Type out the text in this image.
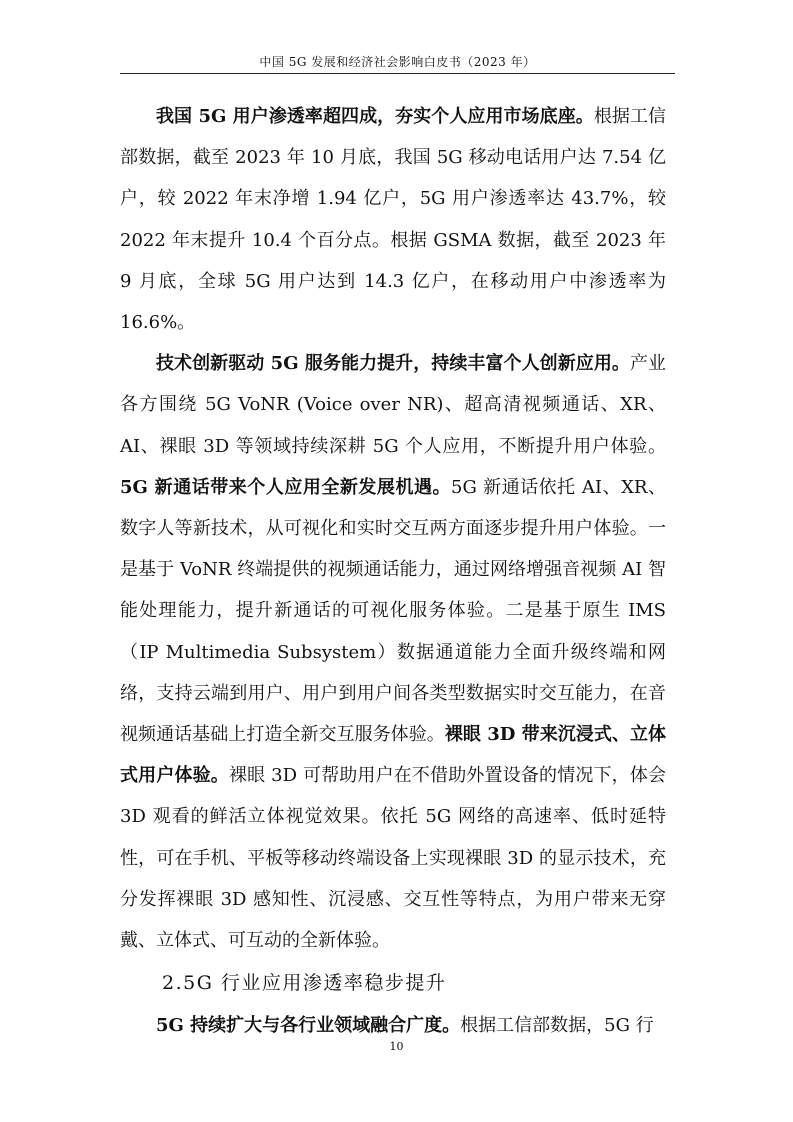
中国 5G 发展和经济社会影响白皮书（2023 年）

我国 5G 用户渗透率超四成，夯实个人应用市场底座。根据工信部数据，截至 2023 年 10 月底，我国 5G 移动电话用户达 7.54 亿户，较 2022 年末净增 1.94 亿户，5G 用户渗透率达 43.7%，较 2022 年末提升 10.4 个百分点。根据 GSMA 数据，截至 2023 年 9 月底，全球 5G 用户达到 14.3 亿户，在移动用户中渗透率为 16.6%。

技术创新驱动 5G 服务能力提升，持续丰富个人创新应用。产业各方围绕 5G VoNR (Voice over NR)、超高清视频通话、XR、AI、裸眼 3D 等领域持续深耕 5G 个人应用，不断提升用户体验。5G 新通话带来个人应用全新发展机遇。5G 新通话依托 AI、XR、数字人等新技术，从可视化和实时交互两方面逐步提升用户体验。一是基于 VoNR 终端提供的视频通话能力，通过网络增强音视频 AI 智能处理能力，提升新通话的可视化服务体验。二是基于原生 IMS（IP Multimedia Subsystem）数据通道能力全面升级终端和网络，支持云端到用户、用户到用户间各类型数据实时交互能力，在音视频通话基础上打造全新交互服务体验。裸眼 3D 带来沉浸式、立体式用户体验。裸眼 3D 可帮助用户在不借助外置设备的情况下，体会 3D 观看的鲜活立体视觉效果。依托 5G 网络的高速率、低时延特性，可在手机、平板等移动终端设备上实现裸眼 3D 的显示技术，充分发挥裸眼 3D 感知性、沉浸感、交互性等特点，为用户带来无穿戴、立体式、可互动的全新体验。

2.5G 行业应用渗透率稳步提升

5G 持续扩大与各行业领域融合广度。根据工信部数据，5G 行

10
